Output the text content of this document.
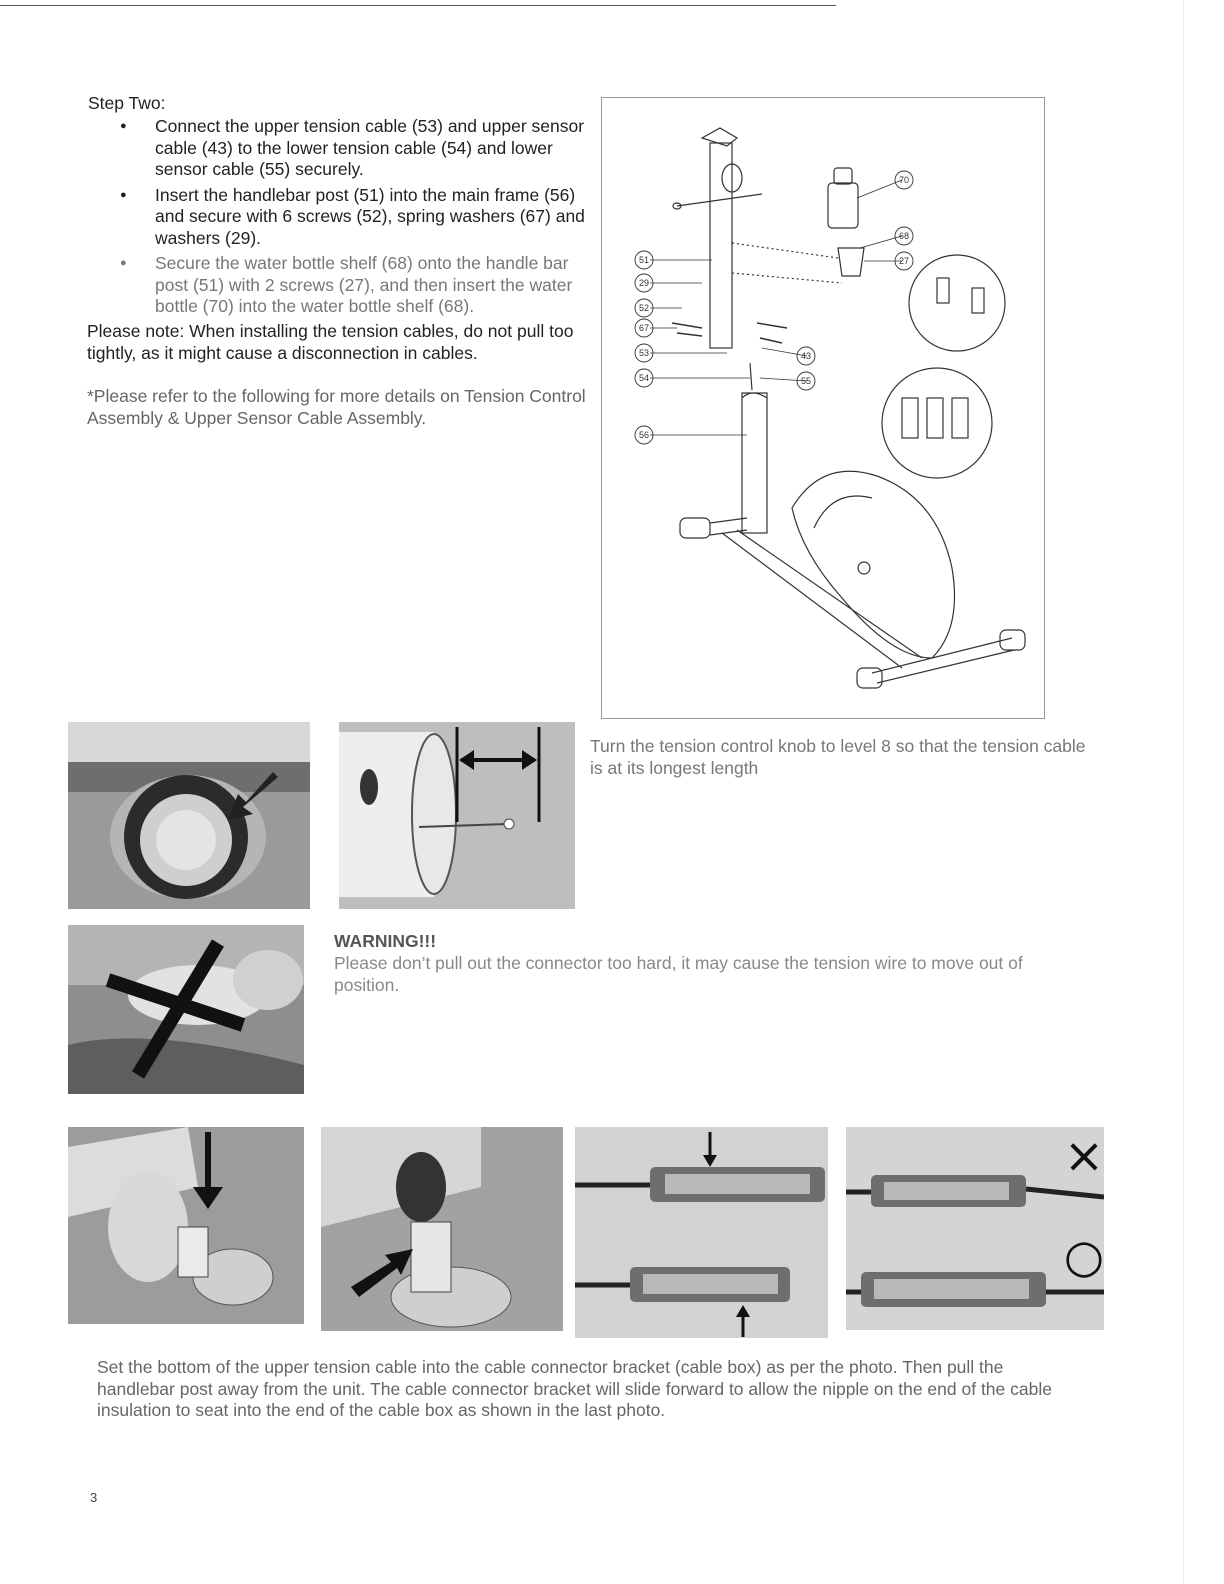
Step Two:
● Connect the upper tension cable (53) and upper sensor cable (43) to the lower tension cable (54) and lower sensor cable (55) securely.
● Insert the handlebar post (51) into the main frame (56) and secure with 6 screws (52), spring washers (67) and washers (29).
● Secure the water bottle shelf (68) onto the handle bar post (51) with 2 screws (27), and then insert the water bottle (70) into the water bottle shelf (68).
Please note: When installing the tension cables, do not pull too tightly, as it might cause a disconnection in cables.
*Please refer to the following for more details on Tension Control Assembly & Upper Sensor Cable Assembly.
51
29
52
67
53
54
56
70
68
27
43
55
Turn the tension control knob to level 8 so that the tension cable is at its longest length
WARNING!!!
Please don’t pull out the connector too hard, it may cause the tension wire to move out of position.
×
○
Set the bottom of the upper tension cable into the cable connector bracket (cable box) as per the photo. Then pull the handlebar post away from the unit. The cable connector bracket will slide forward to allow the nipple on the end of the cable insulation to seat into the end of the cable box as shown in the last photo.
3
